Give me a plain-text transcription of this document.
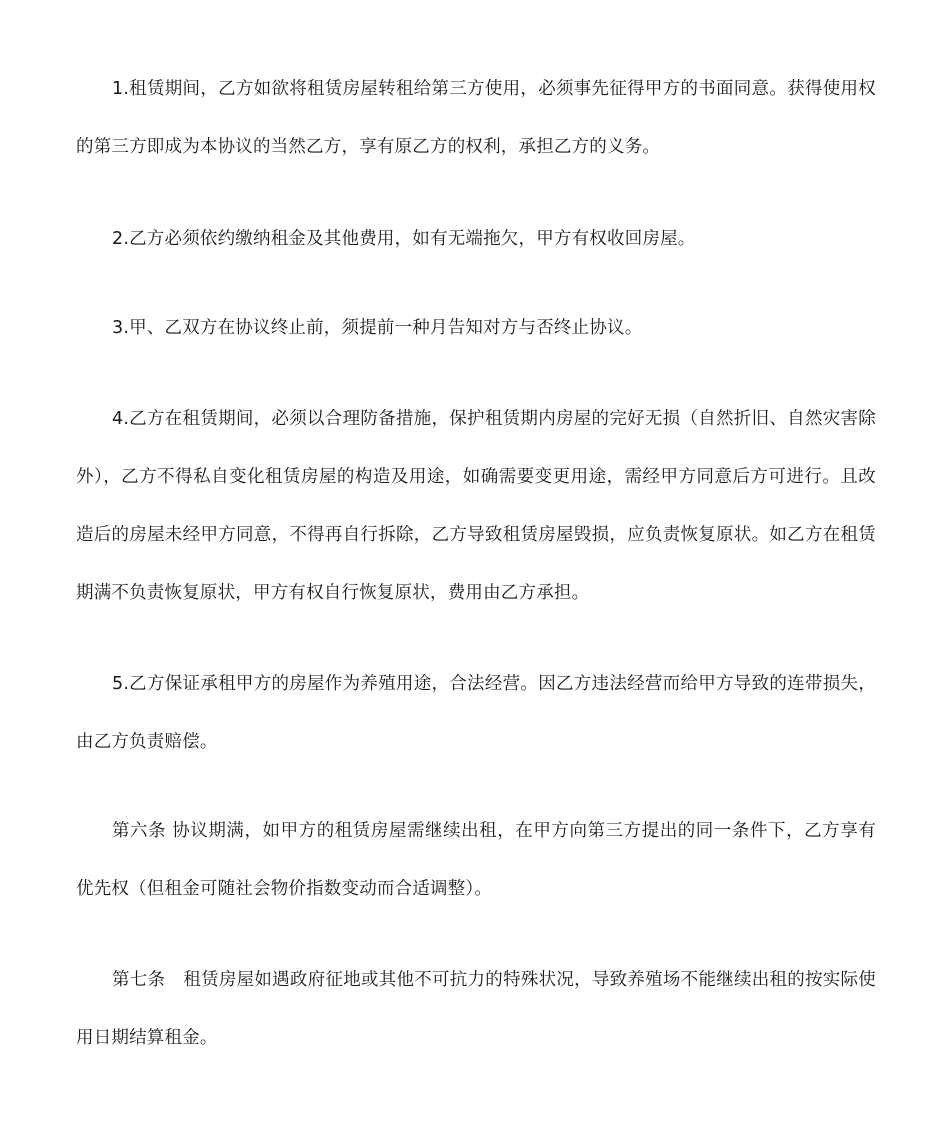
1.租赁期间，乙方如欲将租赁房屋转租给第三方使用，必须事先征得甲方的书面同意。获得使用权的第三方即成为本协议的当然乙方，享有原乙方的权利，承担乙方的义务。

2.乙方必须依约缴纳租金及其他费用，如有无端拖欠，甲方有权收回房屋。

3.甲、乙双方在协议终止前，须提前一种月告知对方与否终止协议。

4.乙方在租赁期间，必须以合理防备措施，保护租赁期内房屋的完好无损（自然折旧、自然灾害除外），乙方不得私自变化租赁房屋的构造及用途，如确需要变更用途，需经甲方同意后方可进行。且改造后的房屋未经甲方同意，不得再自行拆除，乙方导致租赁房屋毁损，应负责恢复原状。如乙方在租赁期满不负责恢复原状，甲方有权自行恢复原状，费用由乙方承担。

5.乙方保证承租甲方的房屋作为养殖用途，合法经营。因乙方违法经营而给甲方导致的连带损失，由乙方负责赔偿。

第六条 协议期满，如甲方的租赁房屋需继续出租，在甲方向第三方提出的同一条件下，乙方享有优先权（但租金可随社会物价指数变动而合适调整）。

第七条 租赁房屋如遇政府征地或其他不可抗力的特殊状况，导致养殖场不能继续出租的按实际使用日期结算租金。
